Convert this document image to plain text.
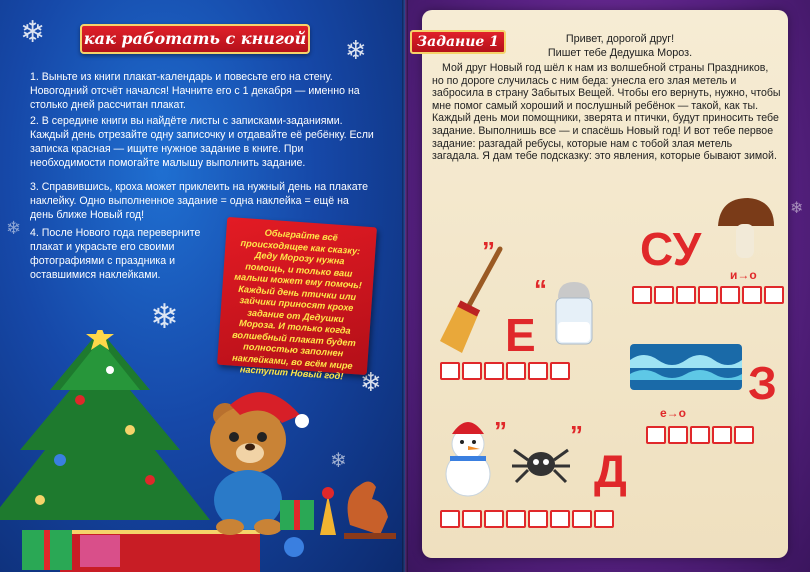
❄
❄
❄
❄
❄
❄
как работать с книгой

1. Выньте из книги плакат-календарь и повесьте его на стену. Новогодний отсчёт начался! Начните его с 1 декабря — именно на столько дней рассчитан плакат.

2. В середине книги вы найдёте листы с записками-заданиями. Каждый день отрезайте одну записочку и отдавайте её ребёнку. Если записка красная — ищите нужное задание в книге. При необходимости помогайте малышу выполнить задание.

3. Справившись, кроха может приклеить на нужный день на плакате наклейку. Одно выполненное задание = одна наклейка = ещё на день ближе Новый год!

4. После Нового года переверните плакат и украсьте его своими фотографиями с праздника и оставшимися наклейками.

Обыграйте всё происходящее как сказку: Деду Морозу нужна помощь, и только ваш малыш может ему помочь! Каждый день птички или зайчики приносят крохе задание от Дедушки Мороза. И только когда волшебный плакат будет полностью заполнен наклейками, во всём мире наступит Новый год!
❄
Задание 1	Привет, дорогой друг!
Пишет тебе Дедушка Мороз.

Мой друг Новый год шёл к нам из волшебной страны Праздников, но по дороге случилась с ним беда: унесла его злая метель и забросила в страну Забытых Вещей. Чтобы его вернуть, нужно, чтобы мне помог самый хороший и послушный ребёнок — такой, как ты. Каждый день мои помощники, зверята и птички, будут приносить тебе задание. Выполнишь все — и спасёшь Новый год! И вот тебе первое задание: разгадай ребусы, которые нам с тобой злая метель загадала. Я дам тебе подсказку: это явления, которые бывают зимой.

”
Е
“
СУ и→о
З
е→о
” ”
Д
